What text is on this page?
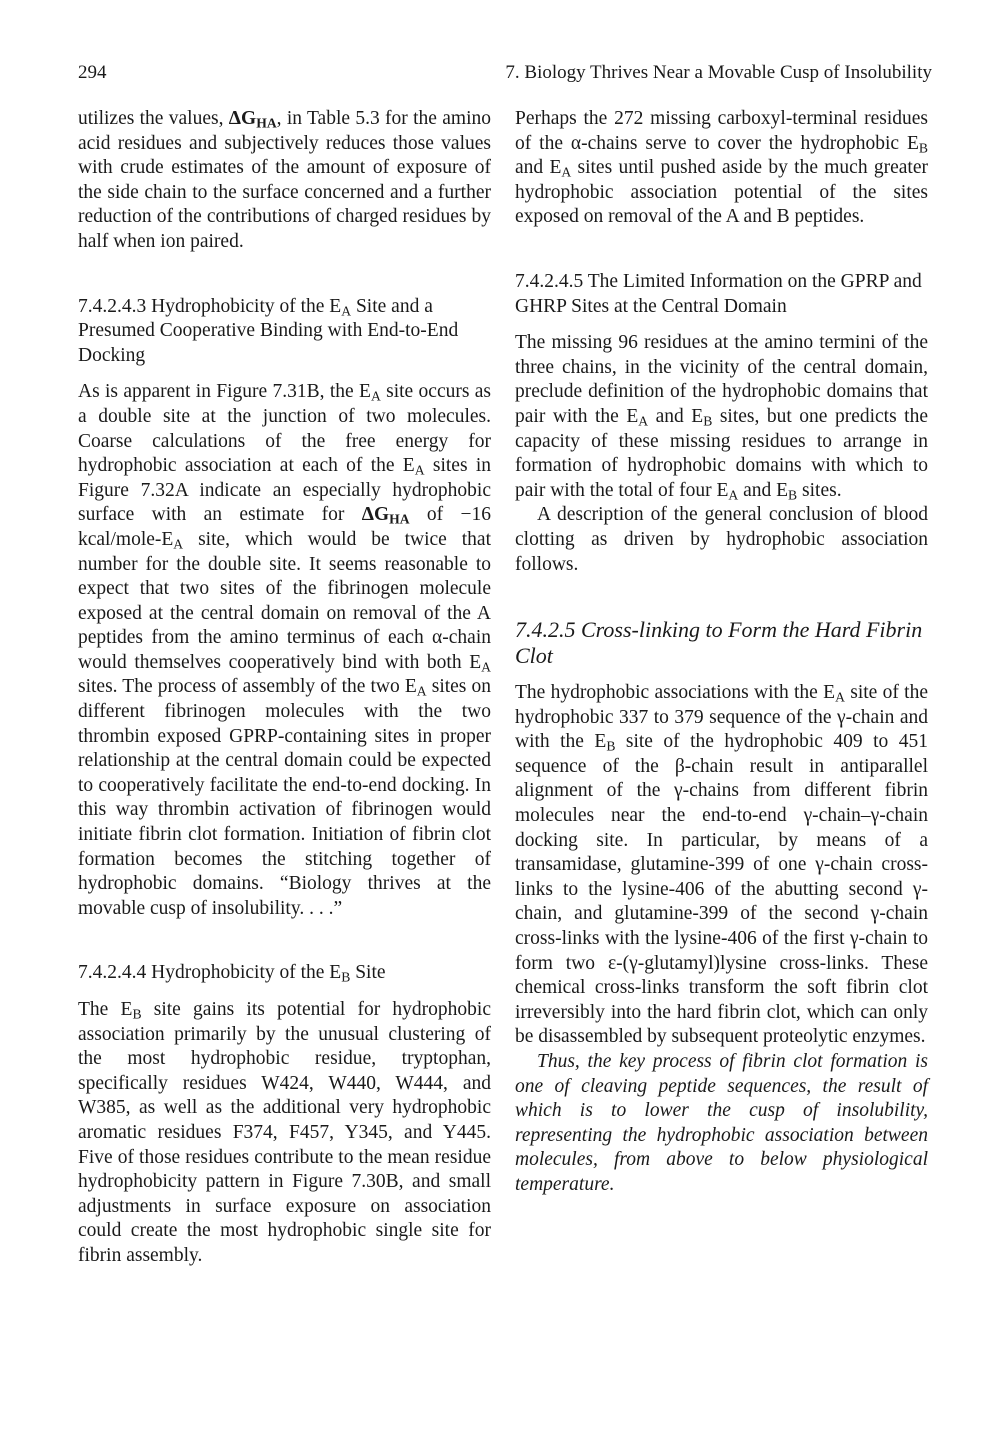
294	7. Biology Thrives Near a Movable Cusp of Insolubility

utilizes the values, $\Delta G_{HA}$, in Table 5.3 for the amino acid residues and subjectively reduces those values with crude estimates of the amount of exposure of the side chain to the surface concerned and a further reduction of the contributions of charged residues by half when ion paired.

7.4.2.4.3 Hydrophobicity of the $E_A$ Site and a Presumed Cooperative Binding with End-to-End Docking

As is apparent in Figure 7.31B, the $E_A$ site occurs as a double site at the junction of two molecules. Coarse calculations of the free energy for hydrophobic association at each of the $E_A$ sites in Figure 7.32A indicate an especially hydrophobic surface with an estimate for $\Delta G_{HA}$ of −16 kcal/$mole-E_A$ site, which would be twice that number for the double site. It seems reasonable to expect that two sites of the fibrinogen molecule exposed at the central domain on removal of the A peptides from the amino terminus of each α-chain would themselves cooperatively bind with both $E_A$ sites. The process of assembly of the two $E_A$ sites on different fibrinogen molecules with the two thrombin exposed GPRP-containing sites in proper relationship at the central domain could be expected to cooperatively facilitate the end-to-end docking. In this way thrombin activation of fibrinogen would initiate fibrin clot formation. Initiation of fibrin clot formation becomes the stitching together of hydrophobic domains. “Biology thrives at the movable cusp of insolubility. . . .”

7.4.2.4.4 Hydrophobicity of the $E_B$ Site

The $E_B$ site gains its potential for hydrophobic association primarily by the unusual clustering of the most hydrophobic residue, tryptophan, specifically residues W424, W440, W444, and W385, as well as the additional very hydrophobic aromatic residues F374, F457, Y345, and Y445. Five of those residues contribute to the mean residue hydrophobicity pattern in Figure 7.30B, and small adjustments in surface exposure on association could create the most hydrophobic single site for fibrin assembly.

Perhaps the 272 missing carboxyl-terminal residues of the α-chains serve to cover the hydrophobic $E_B$ and $E_A$ sites until pushed aside by the much greater hydrophobic association potential of the sites exposed on removal of the A and B peptides.

7.4.2.4.5 The Limited Information on the GPRP and GHRP Sites at the Central Domain

The missing 96 residues at the amino termini of the three chains, in the vicinity of the central domain, preclude definition of the hydrophobic domains that pair with the $E_A$ and $E_B$ sites, but one predicts the capacity of these missing residues to arrange in formation of hydrophobic domains with which to pair with the total of four $E_A$ and $E_B$ sites.

A description of the general conclusion of blood clotting as driven by hydrophobic association follows.

7.4.2.5 Cross-linking to Form the Hard Fibrin Clot

The hydrophobic associations with the $E_A$ site of the hydrophobic 337 to 379 sequence of the γ-chain and with the $E_B$ site of the hydrophobic 409 to 451 sequence of the β-chain result in antiparallel alignment of the γ-chains from different fibrin molecules near the end-to-end γ-chain–γ-chain docking site. In particular, by means of a transamidase, glutamine-399 of one γ-chain cross-links to the lysine-406 of the abutting second γ-chain, and glutamine-399 of the second γ-chain cross-links with the lysine-406 of the first γ-chain to form two ε-(γ-glutamyl)lysine cross-links. These chemical cross-links transform the soft fibrin clot irreversibly into the hard fibrin clot, which can only be disassembled by subsequent proteolytic enzymes.

Thus, the key process of fibrin clot formation is one of cleaving peptide sequences, the result of which is to lower the cusp of insolubility, representing the hydrophobic association between molecules, from above to below physiological temperature.
